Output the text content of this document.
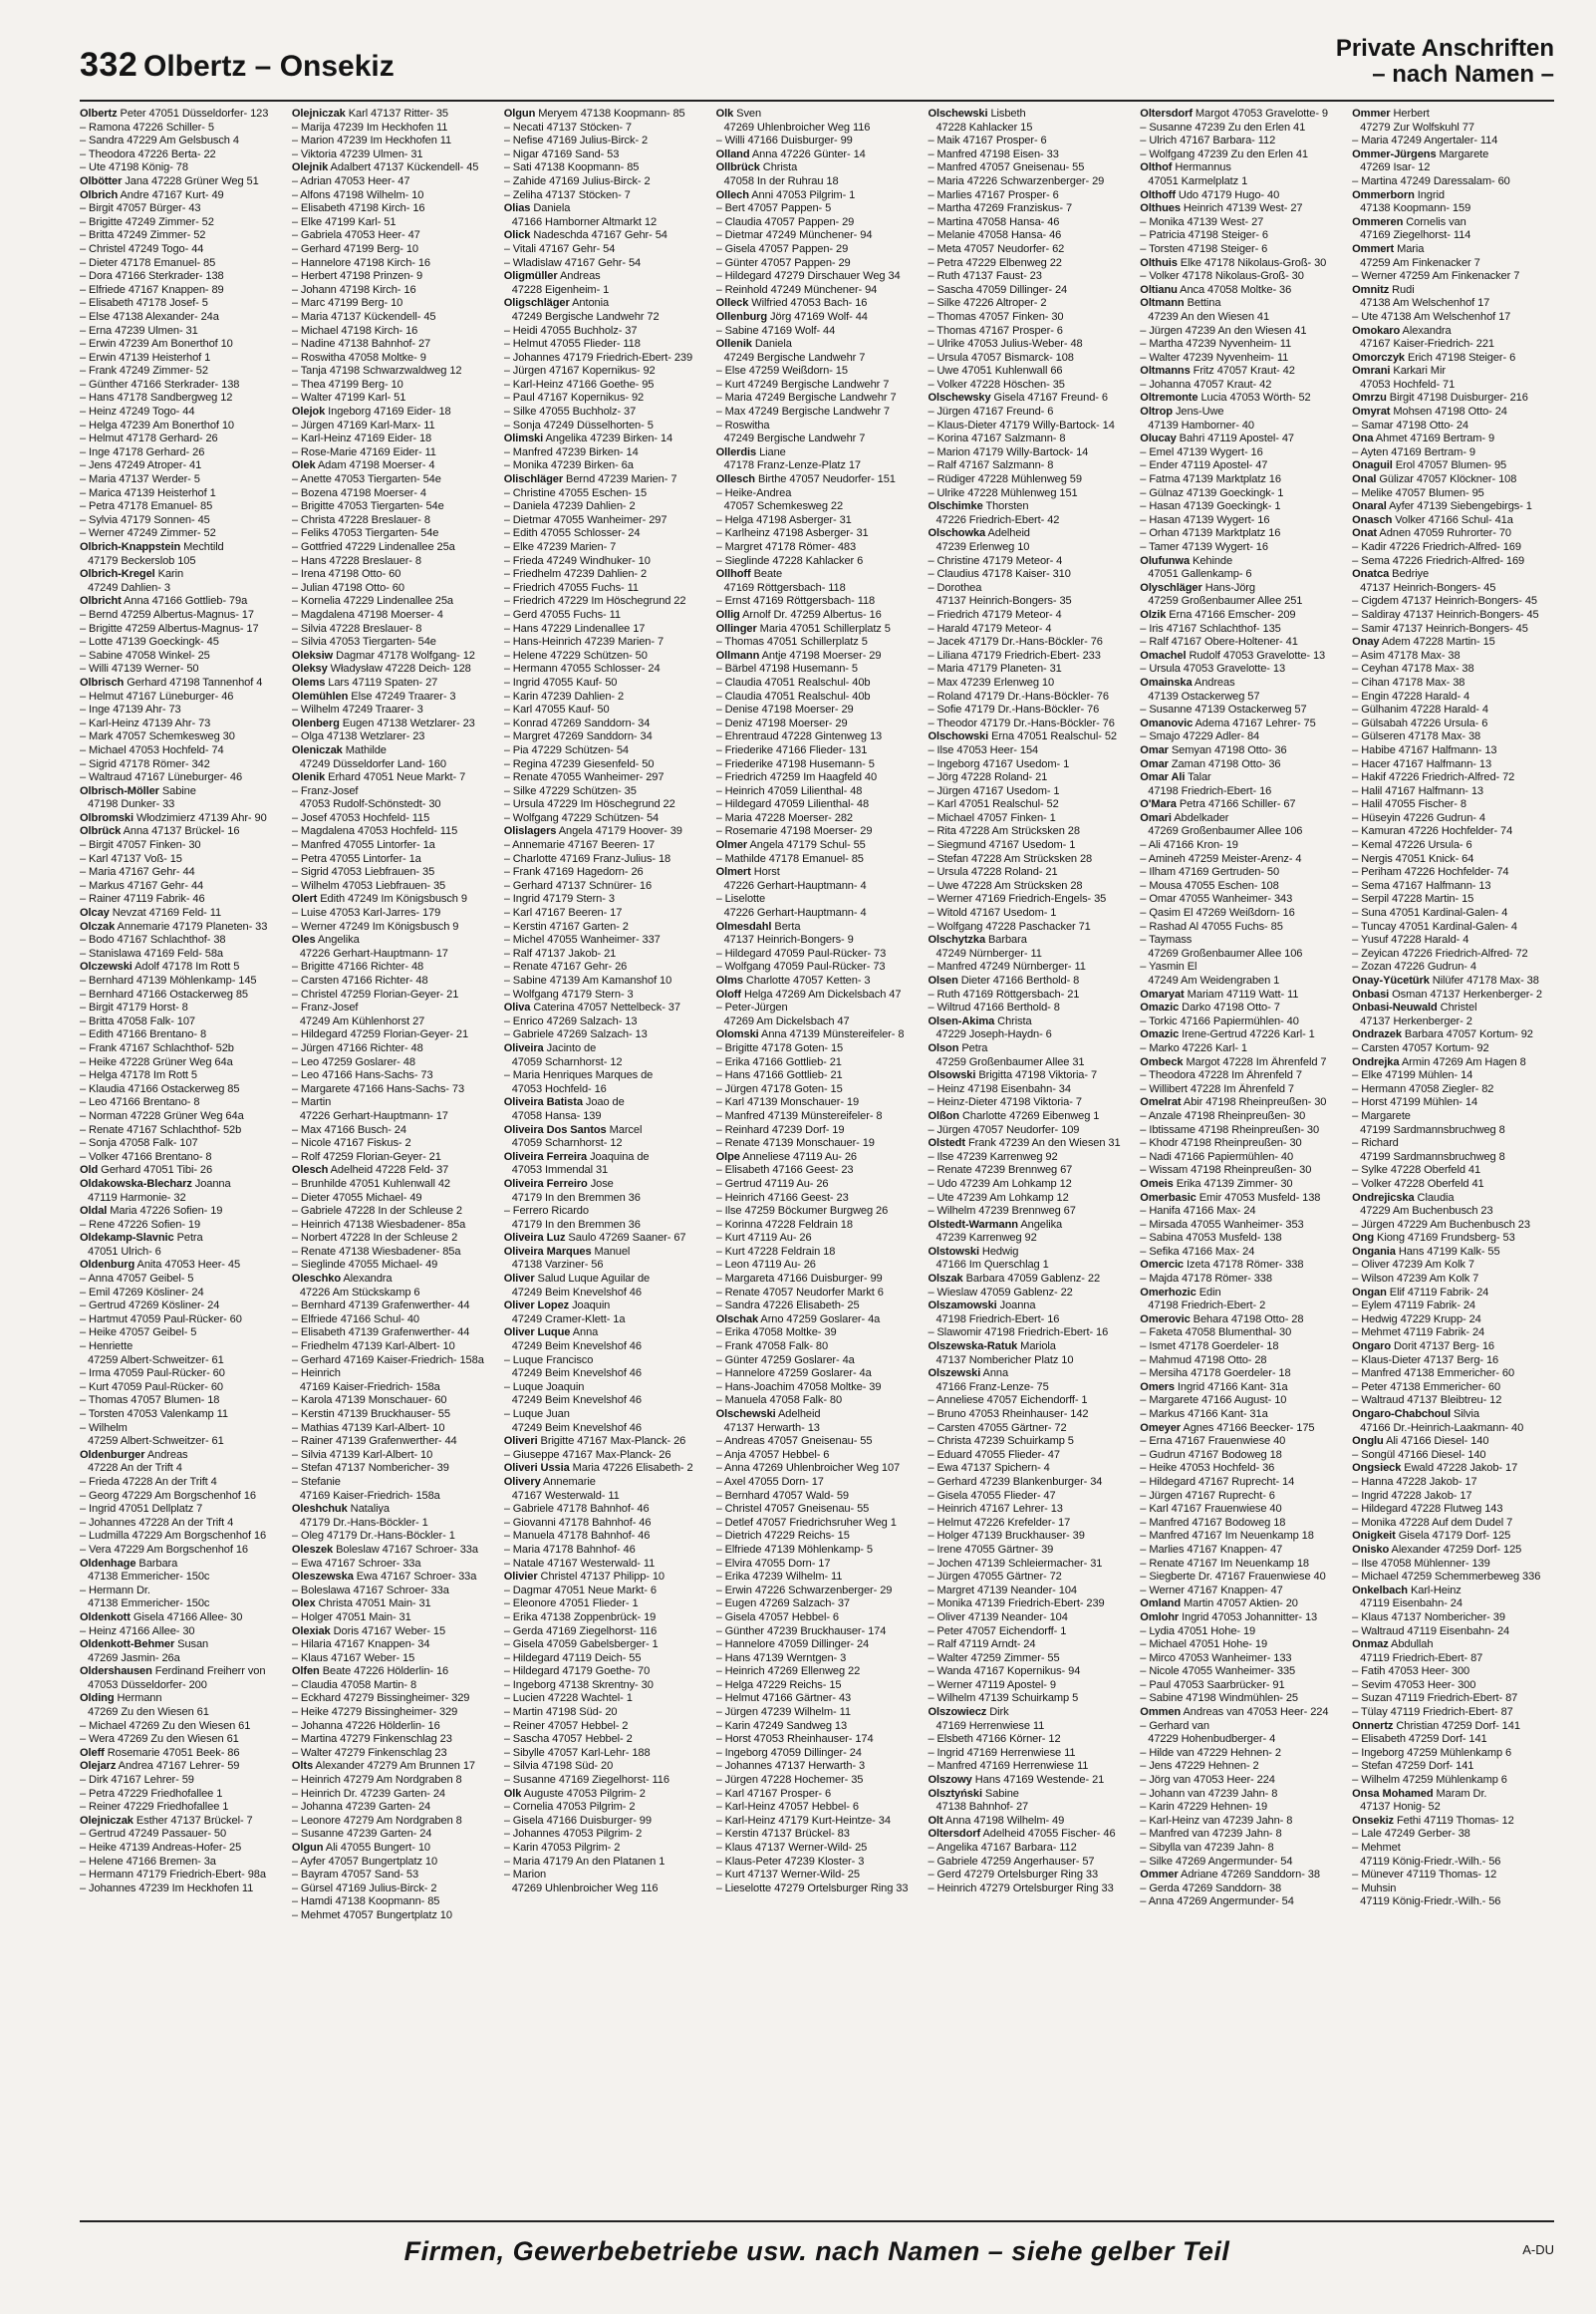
332 Olbertz – Onsekiz
Private Anschriften
– nach Namen –
Olbertz Peter 47051 Düsseldorfer- 123
– Ramona 47226 Schiller- 5
– Sandra 47229 Am Gelsbusch 4
– Theodora 47226 Berta- 22
– Ute 47198 König- 78
Olbötter Jana 47228 Grüner Weg 51
Olbrich Andre 47167 Kurt- 49
– Birgit 47057 Bürger- 43
– Brigitte 47249 Zimmer- 52
– Britta 47249 Zimmer- 52
– Christel 47249 Togo- 44
– Dieter 47178 Emanuel- 85
– Dora 47166 Sterkrader- 138
– Elfriede 47167 Knappen- 89
– Elisabeth 47178 Josef- 5
– Else 47138 Alexander- 24a
– Erna 47239 Ulmen- 31
– Erwin 47239 Am Bonerthof 10
– Erwin 47139 Heisterhof 1
– Frank 47249 Zimmer- 52
– Günther 47166 Sterkrader- 138
– Hans 47178 Sandbergweg 12
– Heinz 47249 Togo- 44
– Helga 47239 Am Bonerthof 10
– Helmut 47178 Gerhard- 26
– Inge 47178 Gerhard- 26
– Jens 47249 Atroper- 41
– Maria 47137 Werder- 5
– Marica 47139 Heisterhof 1
– Petra 47178 Emanuel- 85
– Sylvia 47179 Sonnen- 45
– Werner 47249 Zimmer- 52
Olbrich-Knappstein Mechtild
47179 Beckerslob 105
Olbrich-Kregel Karin
47249 Dahlien- 3
Olbricht Anna 47166 Gottlieb- 79a
– Bernd 47259 Albertus-Magnus- 17
– Brigitte 47259 Albertus-Magnus- 17
– Lotte 47139 Goeckingk- 45
– Sabine 47058 Winkel- 25
– Willi 47139 Werner- 50
Olbrisch Gerhard 47198 Tannenhof 4
– Helmut 47167 Lüneburger- 46
– Inge 47139 Ahr- 73
– Karl-Heinz 47139 Ahr- 73
– Mark 47057 Schemkesweg 30
– Michael 47053 Hochfeld- 74
– Sigrid 47178 Römer- 342
– Waltraud 47167 Lüneburger- 46
Olbrisch-Möller Sabine
47198 Dunker- 33
Olbromski Włodzimierz 47139 Ahr- 90
Olbrück Anna 47137 Brückel- 16
– Birgit 47057 Finken- 30
– Karl 47137 Voß- 15
– Maria 47167 Gehr- 44
– Markus 47167 Gehr- 44
– Rainer 47119 Fabrik- 46
Olcay Nevzat 47169 Feld- 11
Olczak Annemarie 47179 Planeten- 33
– Bodo 47167 Schlachthof- 38
– Stanislawa 47169 Feld- 58a
Olczewski Adolf 47178 Im Rott 5
– Bernhard 47139 Möhlenkamp- 145
– Bernhard 47166 Ostackerweg 85
– Birgit 47179 Horst- 8
– Britta 47058 Falk- 107
– Edith 47166 Brentano- 8
– Frank 47167 Schlachthof- 52b
– Heike 47228 Grüner Weg 64a
– Helga 47178 Im Rott 5
– Klaudia 47166 Ostackerweg 85
– Leo 47166 Brentano- 8
– Norman 47228 Grüner Weg 64a
– Renate 47167 Schlachthof- 52b
– Sonja 47058 Falk- 107
– Volker 47166 Brentano- 8
Old Gerhard 47051 Tibi- 26
Oldakowska-Blecharz Joanna
47119 Harmonie- 32
Oldal Maria 47226 Sofien- 19
– Rene 47226 Sofien- 19
Oldekamp-Slavnic Petra
47051 Ulrich- 6
Oldenburg Anita 47053 Heer- 45
– Anna 47057 Geibel- 5
– Emil 47269 Kösliner- 24
– Gertrud 47269 Kösliner- 24
– Hartmut 47059 Paul-Rücker- 60
– Heike 47057 Geibel- 5
– Henriette
47259 Albert-Schweitzer- 61
– Irma 47059 Paul-Rücker- 60
– Kurt 47059 Paul-Rücker- 60
– Thomas 47057 Blumen- 18
– Torsten 47053 Valenkamp 11
– Wilhelm
47259 Albert-Schweitzer- 61
Oldenburger Andreas
47228 An der Trift 4
– Frieda 47228 An der Trift 4
– Georg 47229 Am Borgschenhof 16
– Ingrid 47051 Dellplatz 7
– Johannes 47228 An der Trift 4
– Ludmilla 47229 Am Borgschenhof 16
– Vera 47229 Am Borgschenhof 16
Oldenhage Barbara
47138 Emmericher- 150c
– Hermann Dr.
47138 Emmericher- 150c
Oldenkott Gisela 47166 Allee- 30
– Heinz 47166 Allee- 30
Oldenkott-Behmer Susan
47269 Jasmin- 26a
Oldershausen Ferdinand Freiherr von
47053 Düsseldorfer- 200
Olding Hermann
47269 Zu den Wiesen 61
– Michael 47269 Zu den Wiesen 61
– Wera 47269 Zu den Wiesen 61
Oleff Rosemarie 47051 Beek- 86
Olejarz Andrea 47167 Lehrer- 59
– Dirk 47167 Lehrer- 59
– Petra 47229 Friedhofallee 1
– Reiner 47229 Friedhofallee 1
Olejniczak Esther 47137 Brückel- 7
– Gertrud 47249 Passauer- 50
– Heike 47139 Andreas-Hofer- 25
– Helene 47166 Bremen- 3a
– Hermann 47179 Friedrich-Ebert- 98a
– Johannes 47239 Im Heckhofen 11
Olejniczak Karl 47137 Ritter- 35
– Marija 47239 Im Heckhofen 11
– Marion 47239 Im Heckhofen 11
– Viktoria 47239 Ulmen- 31
Olejnik Adalbert 47137 Kückendell- 45
– Adrian 47053 Heer- 47
– Alfons 47198 Wilhelm- 10
– Elisabeth 47198 Kirch- 16
– Elke 47199 Karl- 51
– Gabriela 47053 Heer- 47
– Gerhard 47199 Berg- 10
– Hannelore 47198 Kirch- 16
– Herbert 47198 Prinzen- 9
– Johann 47198 Kirch- 16
– Marc 47199 Berg- 10
– Maria 47137 Kückendell- 45
– Michael 47198 Kirch- 16
– Nadine 47138 Bahnhof- 27
– Roswitha 47058 Moltke- 9
– Tanja 47198 Schwarzwaldweg 12
– Thea 47199 Berg- 10
– Walter 47199 Karl- 51
Olejok Ingeborg 47169 Eider- 18
– Jürgen 47169 Karl-Marx- 11
– Karl-Heinz 47169 Eider- 18
– Rose-Marie 47169 Eider- 11
Olek Adam 47198 Moerser- 4
– Anette 47053 Tiergarten- 54e
– Bozena 47198 Moerser- 4
– Brigitte 47053 Tiergarten- 54e
– Christa 47228 Breslauer- 8
– Feliks 47053 Tiergarten- 54e
– Gottfried 47229 Lindenallee 25a
– Hans 47228 Breslauer- 8
– Irena 47198 Otto- 60
– Julian 47198 Otto- 60
– Kornelia 47229 Lindenallee 25a
– Magdalena 47198 Moerser- 4
– Silvia 47228 Breslauer- 8
– Silvia 47053 Tiergarten- 54e
Oleksiw Dagmar 47178 Wolfgang- 12
Oleksy Władysław 47228 Deich- 128
Olems Lars 47119 Spaten- 27
Olemühlen Else 47249 Traarer- 3
– Wilhelm 47249 Traarer- 3
Olenberg Eugen 47138 Wetzlarer- 23
– Olga 47138 Wetzlarer- 23
Oleniczak Mathilde
47249 Düsseldorfer Land- 160
Olenik Erhard 47051 Neue Markt- 7
– Franz-Josef
47053 Rudolf-Schönstedt- 30
– Josef 47053 Hochfeld- 115
– Magdalena 47053 Hochfeld- 115
– Manfred 47055 Lintorfer- 1a
– Petra 47055 Lintorfer- 1a
– Sigrid 47053 Liebfrauen- 35
– Wilhelm 47053 Liebfrauen- 35
Olert Edith 47249 Im Königsbusch 9
– Luise 47053 Karl-Jarres- 179
– Werner 47249 Im Königsbusch 9
Oles Angelika
47226 Gerhart-Hauptmann- 17
– Brigitte 47166 Richter- 48
– Carsten 47166 Richter- 48
– Christel 47259 Florian-Geyer- 21
– Franz-Josef
47249 Am Kühlenhorst 27
– Hildegard 47259 Florian-Geyer- 21
– Jürgen 47166 Richter- 48
– Leo 47259 Goslarer- 48
– Leo 47166 Hans-Sachs- 73
– Margarete 47166 Hans-Sachs- 73
– Martin
47226 Gerhart-Hauptmann- 17
– Max 47166 Busch- 24
– Nicole 47167 Fiskus- 2
– Rolf 47259 Florian-Geyer- 21
Olesch Adelheid 47228 Feld- 37
– Brunhilde 47051 Kuhlenwall 42
– Dieter 47055 Michael- 49
– Gabriele 47228 In der Schleuse 2
– Heinrich 47138 Wiesbadener- 85a
– Norbert 47228 In der Schleuse 2
– Renate 47138 Wiesbadener- 85a
– Sieglinde 47055 Michael- 49
Oleschko Alexandra
47226 Am Stückskamp 6
– Bernhard 47139 Grafenwerther- 44
– Elfriede 47166 Schul- 40
– Elisabeth 47139 Grafenwerther- 44
– Friedhelm 47139 Karl-Albert- 10
– Gerhard 47169 Kaiser-Friedrich- 158a
– Heinrich
47169 Kaiser-Friedrich- 158a
– Karola 47139 Monschauer- 60
– Kerstin 47139 Bruckhauser- 55
– Mathias 47139 Karl-Albert- 10
– Rainer 47139 Grafenwerther- 44
– Silvia 47139 Karl-Albert- 10
– Stefan 47137 Nombericher- 39
– Stefanie
47169 Kaiser-Friedrich- 158a
Oleshchuk Nataliya
47179 Dr.-Hans-Böckler- 1
– Oleg 47179 Dr.-Hans-Böckler- 1
Oleszek Boleslaw 47167 Schroer- 33a
– Ewa 47167 Schroer- 33a
Oleszewska Ewa 47167 Schroer- 33a
– Boleslawa 47167 Schroer- 33a
Olex Christa 47051 Main- 31
– Holger 47051 Main- 31
Olexiak Doris 47167 Weber- 15
– Hilaria 47167 Knappen- 34
– Klaus 47167 Weber- 15
Olfen Beate 47226 Hölderlin- 16
– Claudia 47058 Martin- 8
– Eckhard 47279 Bissingheimer- 329
– Heike 47279 Bissingheimer- 329
– Johanna 47226 Hölderlin- 16
– Martina 47279 Finkenschlag 23
– Walter 47279 Finkenschlag 23
Olts Alexander 47279 Am Brunnen 17
– Heinrich 47279 Am Nordgraben 8
– Heinrich Dr. 47239 Garten- 24
– Johanna 47239 Garten- 24
– Leonore 47279 Am Nordgraben 8
– Susanne 47239 Garten- 24
Olgun Ali 47055 Bungert- 10
– Ayfer 47057 Bungertplatz 10
– Bayram 47057 Sand- 53
– Gürsel 47169 Julius-Birck- 2
– Hamdi 47138 Koopmann- 85
– Mehmet 47057 Bungertplatz 10
Olgun Meryem 47138 Koopmann- 85
– Necati 47137 Stöcken- 7
– Nefise 47169 Julius-Birck- 2
– Nigar 47169 Sand- 53
– Sati 47138 Koopmann- 85
– Zahide 47169 Julius-Birck- 2
– Zeliha 47137 Stöcken- 7
Olias Daniela
47166 Hamborner Altmarkt 12
Olick Nadeschda 47167 Gehr- 54
– Vitali 47167 Gehr- 54
– Wladislaw 47167 Gehr- 54
Oligmüller Andreas
47228 Eigenheim- 1
Oligschläger Antonia
47249 Bergische Landwehr 72
– Heidi 47055 Buchholz- 37
– Helmut 47055 Flieder- 118
– Johannes 47179 Friedrich-Ebert- 239
– Jürgen 47167 Kopernikus- 92
– Karl-Heinz 47166 Goethe- 95
– Paul 47167 Kopernikus- 92
– Silke 47055 Buchholz- 37
– Sonja 47249 Düsselhorten- 5
Olimski Angelika 47239 Birken- 14
– Manfred 47239 Birken- 14
– Monika 47239 Birken- 6a
Olischläger Bernd 47239 Marien- 7
– Christine 47055 Eschen- 15
– Daniela 47239 Dahlien- 2
– Dietmar 47055 Wanheimer- 297
– Edith 47055 Schlosser- 24
– Elke 47239 Marien- 7
– Frieda 47249 Windhuker- 10
– Friedhelm 47239 Dahlien- 2
– Friedrich 47055 Fuchs- 11
– Friedrich 47229 Im Höschegrund 22
– Gerd 47055 Fuchs- 11
– Hans 47229 Lindenallee 17
– Hans-Heinrich 47239 Marien- 7
– Helene 47229 Schützen- 50
– Hermann 47055 Schlosser- 24
– Ingrid 47055 Kauf- 50
– Karin 47239 Dahlien- 2
– Karl 47055 Kauf- 50
– Konrad 47269 Sanddorn- 34
– Margret 47269 Sanddorn- 34
– Pia 47229 Schützen- 54
– Regina 47239 Giesenfeld- 50
– Renate 47055 Wanheimer- 297
– Silke 47229 Schützen- 35
– Ursula 47229 Im Höschegrund 22
– Wolfgang 47229 Schützen- 54
Olislagers Angela 47179 Hoover- 39
– Annemarie 47167 Beeren- 17
– Charlotte 47169 Franz-Julius- 18
– Frank 47169 Hagedorn- 26
– Gerhard 47137 Schnürer- 16
– Ingrid 47179 Stern- 3
– Karl 47167 Beeren- 17
– Kerstin 47167 Garten- 2
– Michel 47055 Wanheimer- 337
– Ralf 47137 Jakob- 21
– Renate 47167 Gehr- 26
– Sabine 47139 Am Kamanshof 10
– Wolfgang 47179 Stern- 3
Oliva Caterina 47057 Nettelbeck- 37
– Enrico 47269 Salzach- 13
– Gabriele 47269 Salzach- 13
Oliveira Jacinto de
47059 Scharnhorst- 12
– Maria Henriques Marques de
47053 Hochfeld- 16
Oliveira Batista Joao de
47058 Hansa- 139
Oliveira Dos Santos Marcel
47059 Scharnhorst- 12
Oliveira Ferreira Joaquina de
47053 Immendal 31
Oliveira Ferreiro Jose
47179 In den Bremmen 36
– Ferrero Ricardo
47179 In den Bremmen 36
Oliveira Luz Saulo 47269 Saaner- 67
Oliveira Marques Manuel
47138 Varziner- 56
Oliver Salud Luque Aguilar de
47249 Beim Knevelshof 46
Oliver Lopez Joaquin
47249 Cramer-Klett- 1a
Oliver Luque Anna
47249 Beim Knevelshof 46
– Luque Francisco
47249 Beim Knevelshof 46
– Luque Joaquin
47249 Beim Knevelshof 46
– Luque Juan
47249 Beim Knevelshof 46
Oliveri Brigitte 47167 Max-Planck- 26
– Giuseppe 47167 Max-Planck- 26
Oliveri Ussia Maria 47226 Elisabeth- 2
Olivery Annemarie
47167 Westerwald- 11
– Gabriele 47178 Bahnhof- 46
– Giovanni 47178 Bahnhof- 46
– Manuela 47178 Bahnhof- 46
– Maria 47178 Bahnhof- 46
– Natale 47167 Westerwald- 11
Olivier Christel 47137 Philipp- 10
– Dagmar 47051 Neue Markt- 6
– Eleonore 47051 Flieder- 1
– Erika 47138 Zoppenbrück- 19
– Gerda 47169 Ziegelhorst- 116
– Gisela 47059 Gabelsberger- 1
– Hildegard 47119 Deich- 55
– Hildegard 47179 Goethe- 70
– Ingeborg 47138 Skrentny- 30
– Lucien 47228 Wachtel- 1
– Martin 47198 Süd- 20
– Reiner 47057 Hebbel- 2
– Sascha 47057 Hebbel- 2
– Sibylle 47057 Karl-Lehr- 188
– Silvia 47198 Süd- 20
– Susanne 47169 Ziegelhorst- 116
Olk Auguste 47053 Pilgrim- 2
– Cornelia 47053 Pilgrim- 2
– Gisela 47166 Duisburger- 99
– Johannes 47053 Pilgrim- 2
– Karin 47053 Pilgrim- 2
– Maria 47179 An den Platanen 1
– Marion
47269 Uhlenbroicher Weg 116
Olk Sven
47269 Uhlenbroicher Weg 116
– Willi 47166 Duisburger- 99
Olland Anna 47226 Günter- 14
Ollbrück Christa
47058 In der Ruhrau 18
Ollech Anni 47053 Pilgrim- 1
– Bert 47057 Pappen- 5
– Claudia 47057 Pappen- 29
– Dietmar 47249 Münchener- 94
– Gisela 47057 Pappen- 29
– Günter 47057 Pappen- 29
– Hildegard 47279 Dirschauer Weg 34
– Reinhold 47249 Münchener- 94
Olleck Wilfried 47053 Bach- 16
Ollenburg Jörg 47169 Wolf- 44
– Sabine 47169 Wolf- 44
Ollenik Daniela
47249 Bergische Landwehr 7
– Else 47259 Weißdorn- 15
– Kurt 47249 Bergische Landwehr 7
– Maria 47249 Bergische Landwehr 7
– Max 47249 Bergische Landwehr 7
– Roswitha
47249 Bergische Landwehr 7
Ollerdis Liane
47178 Franz-Lenze-Platz 17
Ollesch Birthe 47057 Neudorfer- 151
– Heike-Andrea
47057 Schemkesweg 22
– Helga 47198 Asberger- 31
– Karlheinz 47198 Asberger- 31
– Margret 47178 Römer- 483
– Sieglinde 47228 Kahlacker 6
Ollhoff Beate
47169 Röttgersbach- 118
– Ernst 47169 Röttgersbach- 118
Ollig Arnolf Dr. 47259 Albertus- 16
Ollinger Maria 47051 Schillerplatz 5
– Thomas 47051 Schillerplatz 5
Ollmann Antje 47198 Moerser- 29
– Bärbel 47198 Husemann- 5
– Claudia 47051 Realschul- 40b
– Claudia 47051 Realschul- 40b
– Denise 47198 Moerser- 29
– Deniz 47198 Moerser- 29
– Ehrentraud 47228 Gintenweg 13
– Friederike 47166 Flieder- 131
– Friederike 47198 Husemann- 5
– Friedrich 47259 Im Haagfeld 40
– Heinrich 47059 Lilienthal- 48
– Hildegard 47059 Lilienthal- 48
– Maria 47228 Moerser- 282
– Rosemarie 47198 Moerser- 29
Olmer Angela 47179 Schul- 55
– Mathilde 47178 Emanuel- 85
Olmert Horst
47226 Gerhart-Hauptmann- 4
– Liselotte
47226 Gerhart-Hauptmann- 4
Olmesdahl Berta
47137 Heinrich-Bongers- 9
– Hildegard 47059 Paul-Rücker- 73
– Wolfgang 47059 Paul-Rücker- 73
Olms Charlotte 47057 Ketten- 3
Oloff Helga 47269 Am Dickelsbach 47
– Peter-Jürgen
47269 Am Dickelsbach 47
Olomski Anna 47139 Münstereifeler- 8
– Brigitte 47178 Goten- 15
– Erika 47166 Gottlieb- 21
– Hans 47166 Gottlieb- 21
– Jürgen 47178 Goten- 15
– Karl 47139 Monschauer- 19
– Manfred 47139 Münstereifeler- 8
– Reinhard 47239 Dorf- 19
– Renate 47139 Monschauer- 19
Olpe Anneliese 47119 Au- 26
– Elisabeth 47166 Geest- 23
– Gertrud 47119 Au- 26
– Heinrich 47166 Geest- 23
– Ilse 47259 Böckumer Burgweg 26
– Korinna 47228 Feldrain 18
– Kurt 47119 Au- 26
– Kurt 47228 Feldrain 18
– Leon 47119 Au- 26
– Margareta 47166 Duisburger- 99
– Renate 47057 Neudorfer Markt 6
– Sandra 47226 Elisabeth- 25
Olschak Arno 47259 Goslarer- 4a
– Erika 47058 Moltke- 39
– Frank 47058 Falk- 80
– Günter 47259 Goslarer- 4a
– Hannelore 47259 Goslarer- 4a
– Hans-Joachim 47058 Moltke- 39
– Manuela 47058 Falk- 80
Olschewski Adelheid
47137 Herwarth- 13
– Andreas 47057 Gneisenau- 55
– Anja 47057 Hebbel- 6
– Anna 47269 Uhlenbroicher Weg 107
– Axel 47055 Dorn- 17
– Bernhard 47057 Wald- 59
– Christel 47057 Gneisenau- 55
– Detlef 47057 Friedrichsruher Weg 1
– Dietrich 47229 Reichs- 15
– Elfriede 47139 Möhlenkamp- 5
– Elvira 47055 Dorn- 17
– Erika 47239 Wilhelm- 11
– Erwin 47226 Schwarzenberger- 29
– Eugen 47269 Salzach- 37
– Gisela 47057 Hebbel- 6
– Günther 47239 Bruckhauser- 174
– Hannelore 47059 Dillinger- 24
– Hans 47139 Werntgen- 3
– Heinrich 47269 Ellenweg 22
– Helga 47229 Reichs- 15
– Helmut 47166 Gärtner- 43
– Jürgen 47239 Wilhelm- 11
– Karin 47249 Sandweg 13
– Horst 47053 Rheinhauser- 174
– Ingeborg 47059 Dillinger- 24
– Johannes 47137 Herwarth- 3
– Jürgen 47228 Hochemer- 35
– Karl 47167 Prosper- 6
– Karl-Heinz 47057 Hebbel- 6
– Karl-Heinz 47179 Kurt-Heintze- 34
– Kerstin 47137 Brückel- 83
– Klaus 47137 Werner-Wild- 25
– Klaus-Peter 47239 Kloster- 3
– Kurt 47137 Werner-Wild- 25
– Lieselotte 47279 Ortelsburger Ring 33
Olschewski Lisbeth
47228 Kahlacker 15
– Maik 47167 Prosper- 6
– Manfred 47198 Eisen- 33
– Manfred 47057 Gneisenau- 55
– Maria 47226 Schwarzenberger- 29
– Marlies 47167 Prosper- 6
– Martha 47269 Franziskus- 7
– Martina 47058 Hansa- 46
– Melanie 47058 Hansa- 46
– Meta 47057 Neudorfer- 62
– Petra 47229 Elbenweg 22
– Ruth 47137 Faust- 23
– Sascha 47059 Dillinger- 24
– Silke 47226 Altroper- 2
– Thomas 47057 Finken- 30
– Thomas 47167 Prosper- 6
– Ulrike 47053 Julius-Weber- 48
– Ursula 47057 Bismarck- 108
– Uwe 47051 Kuhlenwall 66
– Volker 47228 Höschen- 35
Olschewsky Gisela 47167 Freund- 6
– Jürgen 47167 Freund- 6
– Klaus-Dieter 47179 Willy-Bartock- 14
– Korina 47167 Salzmann- 8
– Marion 47179 Willy-Bartock- 14
– Ralf 47167 Salzmann- 8
– Rüdiger 47228 Mühlenweg 59
– Ulrike 47228 Mühlenweg 151
Olschimke Thorsten
47226 Friedrich-Ebert- 42
Olschowka Adelheid
47239 Erlenweg 10
– Christine 47179 Meteor- 4
– Claudius 47178 Kaiser- 310
– Dorothea
47137 Heinrich-Bongers- 35
– Friedrich 47179 Meteor- 4
– Harald 47179 Meteor- 4
– Jacek 47179 Dr.-Hans-Böckler- 76
– Liliana 47179 Friedrich-Ebert- 233
– Maria 47179 Planeten- 31
– Max 47239 Erlenweg 10
– Roland 47179 Dr.-Hans-Böckler- 76
– Sofie 47179 Dr.-Hans-Böckler- 76
– Theodor 47179 Dr.-Hans-Böckler- 76
Olschowski Erna 47051 Realschul- 52
– Ilse 47053 Heer- 154
– Ingeborg 47167 Usedom- 1
– Jörg 47228 Roland- 21
– Jürgen 47167 Usedom- 1
– Karl 47051 Realschul- 52
– Michael 47057 Finken- 1
– Rita 47228 Am Strücksken 28
– Siegmund 47167 Usedom- 1
– Stefan 47228 Am Strücksken 28
– Ursula 47228 Roland- 21
– Uwe 47228 Am Strücksken 28
– Werner 47169 Friedrich-Engels- 35
– Witold 47167 Usedom- 1
– Wolfgang 47228 Paschacker 71
Olschytzka Barbara
47249 Nürnberger- 11
– Manfred 47249 Nürnberger- 11
Olsen Dieter 47166 Berthold- 8
– Ruth 47169 Röttgersbach- 21
– Wiltrud 47166 Berthold- 8
Olsen-Akima Christa
47229 Joseph-Haydn- 6
Olson Petra
47259 Großenbaumer Allee 31
Olsowski Brigitta 47198 Viktoria- 7
– Heinz 47198 Eisenbahn- 34
– Heinz-Dieter 47198 Viktoria- 7
Olßon Charlotte 47269 Eibenweg 1
– Jürgen 47057 Neudorfer- 109
Olstedt Frank 47239 An den Wiesen 31
– Ilse 47239 Karrenweg 92
– Renate 47239 Brennweg 67
– Udo 47239 Am Lohkamp 12
– Ute 47239 Am Lohkamp 12
– Wilhelm 47239 Brennweg 67
Olstedt-Warmann Angelika
47239 Karrenweg 92
Olstowski Hedwig
47166 Im Querschlag 1
Olszak Barbara 47059 Gablenz- 22
– Wieslaw 47059 Gablenz- 22
Olszamowski Joanna
47198 Friedrich-Ebert- 16
– Slawomir 47198 Friedrich-Ebert- 16
Olszewska-Ratuk Mariola
47137 Nombericher Platz 10
Olszewski Anna
47166 Franz-Lenze- 75
– Anneliese 47057 Eichendorff- 1
– Bruno 47053 Rheinhauser- 142
– Carsten 47055 Gärtner- 72
– Christa 47239 Schuirkamp 5
– Eduard 47055 Flieder- 47
– Ewa 47137 Spichern- 4
– Gerhard 47239 Blankenburger- 34
– Gisela 47055 Flieder- 47
– Heinrich 47167 Lehrer- 13
– Helmut 47226 Krefelder- 17
– Holger 47139 Bruckhauser- 39
– Irene 47055 Gärtner- 39
– Jochen 47139 Schleiermacher- 31
– Jürgen 47055 Gärtner- 72
– Margret 47139 Neander- 104
– Monika 47139 Friedrich-Ebert- 239
– Oliver 47139 Neander- 104
– Peter 47057 Eichendorff- 1
– Ralf 47119 Arndt- 24
– Walter 47259 Zimmer- 55
– Wanda 47167 Kopernikus- 94
– Werner 47119 Apostel- 9
– Wilhelm 47139 Schuirkamp 5
Olszowiecz Dirk
47169 Herrenwiese 11
– Elsbeth 47166 Körner- 12
– Ingrid 47169 Herrenwiese 11
– Manfred 47169 Herrenwiese 11
Olszowy Hans 47169 Westende- 21
Olsztyński Sabine
47138 Bahnhof- 27
Olt Anna 47198 Wilhelm- 49
Oltersdorf Adelheid 47055 Fischer- 46
– Angelika 47167 Barbara- 112
– Gabriele 47259 Angerhauser- 57
– Gerd 47279 Ortelsburger Ring 33
– Heinrich 47279 Ortelsburger Ring 33
Oltersdorf Margot 47053 Gravelotte- 9
– Susanne 47239 Zu den Erlen 41
– Ulrich 47167 Barbara- 112
– Wolfgang 47239 Zu den Erlen 41
Olthof Hermannus
47051 Karmelplatz 1
Olthoff Udo 47179 Hugo- 40
Olthues Heinrich 47139 West- 27
– Monika 47139 West- 27
– Patricia 47198 Steiger- 6
– Torsten 47198 Steiger- 6
Olthuis Elke 47178 Nikolaus-Groß- 30
– Volker 47178 Nikolaus-Groß- 30
Oltianu Anca 47058 Moltke- 36
Oltmann Bettina
47239 An den Wiesen 41
– Jürgen 47239 An den Wiesen 41
– Martha 47239 Nyvenheim- 11
– Walter 47239 Nyvenheim- 11
Oltmanns Fritz 47057 Kraut- 42
– Johanna 47057 Kraut- 42
Oltremonte Lucia 47053 Wörth- 52
Oltrop Jens-Uwe
47139 Hamborner- 40
Olucay Bahri 47119 Apostel- 47
– Emel 47139 Wygert- 16
– Ender 47119 Apostel- 47
– Fatma 47139 Marktplatz 16
– Gülnaz 47139 Goeckingk- 1
– Hasan 47139 Goeckingk- 1
– Hasan 47139 Wygert- 16
– Orhan 47139 Marktplatz 16
– Tamer 47139 Wygert- 16
Olufunwa Kehinde
47051 Gallenkamp- 6
Olyschläger Hans-Jörg
47259 Großenbaumer Allee 251
Olzik Erna 47166 Emscher- 209
– Iris 47167 Schlachthof- 135
– Ralf 47167 Obere-Holtener- 41
Omachel Rudolf 47053 Gravelotte- 13
– Ursula 47053 Gravelotte- 13
Omainska Andreas
47139 Ostackerweg 57
– Susanne 47139 Ostackerweg 57
Omanovic Adema 47167 Lehrer- 75
– Smajo 47229 Adler- 84
Omar Semyan 47198 Otto- 36
Omar Zaman 47198 Otto- 36
Omar Ali Talar
47198 Friedrich-Ebert- 16
O'Mara Petra 47166 Schiller- 67
Omari Abdelkader
47269 Großenbaumer Allee 106
– Ali 47166 Kron- 19
– Amineh 47259 Meister-Arenz- 4
– Ilham 47169 Gertruden- 50
– Mousa 47055 Eschen- 108
– Omar 47055 Wanheimer- 343
– Qasim El 47269 Weißdorn- 16
– Rashad Al 47055 Fuchs- 85
– Taymass
47269 Großenbaumer Allee 106
– Yasmin El
47249 Am Weidengraben 1
Omaryat Mariam 47119 Watt- 11
Omazic Darko 47198 Otto- 7
– Torkic 47166 Papiermühlen- 40
Omazic Irene-Gertrud 47226 Karl- 1
– Marko 47226 Karl- 1
Ombeck Margot 47228 Im Ährenfeld 7
– Theodora 47228 Im Ährenfeld 7
– Willibert 47228 Im Ährenfeld 7
Omelrat Abir 47198 Rheinpreußen- 30
– Anzale 47198 Rheinpreußen- 30
– Ibtissame 47198 Rheinpreußen- 30
– Khodr 47198 Rheinpreußen- 30
– Nadi 47166 Papiermühlen- 40
– Wissam 47198 Rheinpreußen- 30
Omeis Erika 47139 Zimmer- 30
Omerbasic Emir 47053 Musfeld- 138
– Hanifa 47166 Max- 24
– Mirsada 47055 Wanheimer- 353
– Sabina 47053 Musfeld- 138
– Sefika 47166 Max- 24
Omercic Izeta 47178 Römer- 338
– Majda 47178 Römer- 338
Omerhozic Edin
47198 Friedrich-Ebert- 2
Omerovic Behara 47198 Otto- 28
– Faketa 47058 Blumenthal- 30
– Ismet 47178 Goerdeler- 18
– Mahmud 47198 Otto- 28
– Mersiha 47178 Goerdeler- 18
Omers Ingrid 47166 Kant- 31a
– Margarete 47166 August- 10
– Markus 47166 Kant- 31a
Omeyer Agnes 47166 Beecker- 175
– Erna 47167 Frauenwiese 40
– Gudrun 47167 Bodoweg 18
– Heike 47053 Hochfeld- 36
– Hildegard 47167 Ruprecht- 14
– Jürgen 47167 Ruprecht- 6
– Karl 47167 Frauenwiese 40
– Manfred 47167 Bodoweg 18
– Manfred 47167 Im Neuenkamp 18
– Marlies 47167 Knappen- 47
– Renate 47167 Im Neuenkamp 18
– Siegberte Dr. 47167 Frauenwiese 40
– Werner 47167 Knappen- 47
Omland Martin 47057 Aktien- 20
Omlohr Ingrid 47053 Johannitter- 13
– Lydia 47051 Hohe- 19
– Michael 47051 Hohe- 19
– Mirco 47053 Wanheimer- 133
– Nicole 47055 Wanheimer- 335
– Paul 47053 Saarbrücker- 91
– Sabine 47198 Windmühlen- 25
Ommen Andreas van 47053 Heer- 224
– Gerhard van
47229 Hohenbudberger- 4
– Hilde van 47229 Hehnen- 2
– Jens 47229 Hehnen- 2
– Jörg van 47053 Heer- 224
– Johann van 47239 Jahn- 8
– Karin 47229 Hehnen- 19
– Karl-Heinz van 47239 Jahn- 8
– Manfred van 47239 Jahn- 8
– Sibylla van 47239 Jahn- 8
– Silke 47269 Angermunder- 54
Ommer Adriane 47269 Sanddorn- 38
– Gerda 47269 Sanddorn- 38
– Anna 47269 Angermunder- 54
Ommer Herbert
47279 Zur Wolfskuhl 77
– Maria 47249 Angertaler- 114
Ommer-Jürgens Margarete
47269 Isar- 12
– Martina 47249 Daressalam- 60
Ommerborn Ingrid
47138 Koopmann- 159
Ommeren Cornelis van
47169 Ziegelhorst- 114
Ommert Maria
47259 Am Finkenacker 7
– Werner 47259 Am Finkenacker 7
Omnitz Rudi
47138 Am Welschenhof 17
– Ute 47138 Am Welschenhof 17
Omokaro Alexandra
47167 Kaiser-Friedrich- 221
Omorczyk Erich 47198 Steiger- 6
Omrani Karkari Mir
47053 Hochfeld- 71
Omrzu Birgit 47198 Duisburger- 216
Omyrat Mohsen 47198 Otto- 24
– Samar 47198 Otto- 24
Ona Ahmet 47169 Bertram- 9
– Ayten 47169 Bertram- 9
Onaguil Erol 47057 Blumen- 95
Onal Gülizar 47057 Klöckner- 108
– Melike 47057 Blumen- 95
Onaral Ayfer 47139 Siebengebirgs- 1
Onasch Volker 47166 Schul- 41a
Onat Adnen 47059 Ruhrorter- 70
– Kadir 47226 Friedrich-Alfred- 169
– Sema 47226 Friedrich-Alfred- 169
Onatca Bedriye
47137 Heinrich-Bongers- 45
– Cigdem 47137 Heinrich-Bongers- 45
– Saldiray 47137 Heinrich-Bongers- 45
– Samir 47137 Heinrich-Bongers- 45
Onay Adem 47228 Martin- 15
– Asim 47178 Max- 38
– Ceyhan 47178 Max- 38
– Cihan 47178 Max- 38
– Engin 47228 Harald- 4
– Gülhanim 47228 Harald- 4
– Gülsabah 47226 Ursula- 6
– Gülseren 47178 Max- 38
– Habibe 47167 Halfmann- 13
– Hacer 47167 Halfmann- 13
– Hakif 47226 Friedrich-Alfred- 72
– Halil 47167 Halfmann- 13
– Halil 47055 Fischer- 8
– Hüseyin 47226 Gudrun- 4
– Kamuran 47226 Hochfelder- 74
– Kemal 47226 Ursula- 6
– Nergis 47051 Knick- 64
– Periham 47226 Hochfelder- 74
– Sema 47167 Halfmann- 13
– Serpil 47228 Martin- 15
– Suna 47051 Kardinal-Galen- 4
– Tuncay 47051 Kardinal-Galen- 4
– Yusuf 47228 Harald- 4
– Zeyican 47226 Friedrich-Alfred- 72
– Zozan 47226 Gudrun- 4
Onay-Yücetürk Nilüfer 47178 Max- 38
Onbasi Osman 47137 Herkenberger- 2
Onbasi-Neuwald Christel
47137 Herkenberger- 2
Ondrazek Barbara 47057 Kortum- 92
– Carsten 47057 Kortum- 92
Ondrejka Armin 47269 Am Hagen 8
– Elke 47199 Mühlen- 14
– Hermann 47058 Ziegler- 82
– Horst 47199 Mühlen- 14
– Margarete
47199 Sardmannsbruchweg 8
– Richard
47199 Sardmannsbruchweg 8
– Sylke 47228 Oberfeld 41
– Volker 47228 Oberfeld 41
Ondrejicska Claudia
47229 Am Buchenbusch 23
– Jürgen 47229 Am Buchenbusch 23
Ong Kiong 47169 Frundsberg- 53
Ongania Hans 47199 Kalk- 55
– Oliver 47239 Am Kolk 7
– Wilson 47239 Am Kolk 7
Ongan Elif 47119 Fabrik- 24
– Eylem 47119 Fabrik- 24
– Hedwig 47229 Krupp- 24
– Mehmet 47119 Fabrik- 24
Ongaro Dorit 47137 Berg- 16
– Klaus-Dieter 47137 Berg- 16
– Manfred 47138 Emmericher- 60
– Peter 47138 Emmericher- 60
– Waltraud 47137 Bleibtreu- 12
Ongaro-Chabchoul Silvia
47166 Dr.-Heinrich-Laakmann- 40
Onglu Ali 47166 Diesel- 140
– Songül 47166 Diesel- 140
Ongsieck Ewald 47228 Jakob- 17
– Hanna 47228 Jakob- 17
– Ingrid 47228 Jakob- 17
– Hildegard 47228 Flutweg 143
– Monika 47228 Auf dem Dudel 7
Onigkeit Gisela 47179 Dorf- 125
Onisko Alexander 47259 Dorf- 125
– Ilse 47058 Mühlenner- 139
– Michael 47259 Schemmerbeweg 336
Onkelbach Karl-Heinz
47119 Eisenbahn- 24
– Klaus 47137 Nombericher- 39
– Waltraud 47119 Eisenbahn- 24
Onmaz Abdullah
47119 Friedrich-Ebert- 87
– Fatih 47053 Heer- 300
– Sevim 47053 Heer- 300
– Suzan 47119 Friedrich-Ebert- 87
– Tülay 47119 Friedrich-Ebert- 87
Onnertz Christian 47259 Dorf- 141
– Elisabeth 47259 Dorf- 141
– Ingeborg 47259 Mühlenkamp 6
– Stefan 47259 Dorf- 141
– Wilhelm 47259 Mühlenkamp 6
Onsa Mohamed Maram Dr.
47137 Honig- 52
Onsekiz Fethi 47119 Thomas- 12
– Lale 47249 Gerber- 38
– Mehmet
47119 König-Friedr.-Wilh.- 56
– Münever 47119 Thomas- 12
– Muhsin
47119 König-Friedr.-Wilh.- 56
Firmen, Gewerbebetriebe usw. nach Namen – siehe gelber Teil	A-DU
